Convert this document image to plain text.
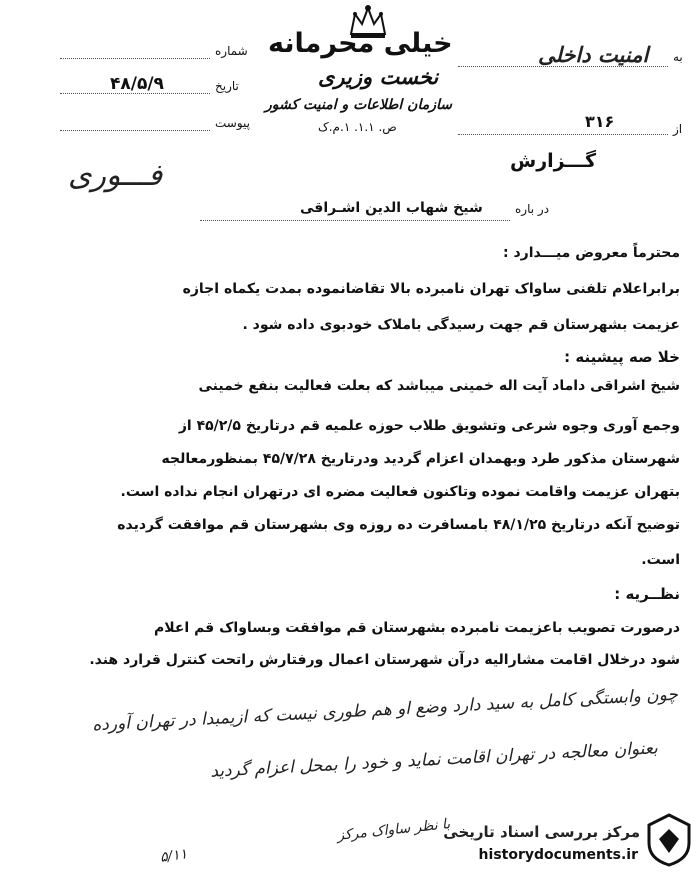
خیلی محرمانه
نخست وزیری
سازمان اطلاعات و امنیت کشور
ص. ۱.۱. ۱.م.ک
شماره
تاریخ
۴۸/۵/۹
پیوست
به
امنیت داخلی
از
۳۱۶
گـــزارش
فـــوری
در باره
شیخ شهاب الدین اشـراقی
محترماً معروض میـــدارد :
برابراعلام تلفنی ساواک تهران نامبرده بالا تقاضانموده بمدت یکماه اجازه
عزیمت بشهرستان قم جهت رسیدگی باملاک خودبوی داده شود .
خلا صه پیشینه :
شیخ اشراقی داماد آیت اله خمینی میباشد که بعلت فعالیت بنفع خمینی
وجمع آوری وجوه شرعی وتشویق طلاب حوزه علمیه قم درتاریخ ۴۵/۲/۵ از
شهرستان مذکور طرد وبهمدان اعزام گردید ودرتاریخ ۴۵/۷/۲۸ بمنظورمعالجه
بتهران عزیمت واقامت نموده وتاکنون فعالیت مضره ای درتهران انجام نداده است.
توضیح آنکه درتاریخ ۴۸/۱/۲۵ بامسافرت ده روزه وی بشهرستان قم موافقت گردیده
است.
نظــریه :
درصورت تصویب باعزیمت نامبرده بشهرستان قم موافقت وبساواک قم اعلام
شود درخلال اقامت مشارالیه درآن شهرستان اعمال ورفتارش راتحت کنترل قرارد هند.
چون وابستگی کامل به سید دارد وضع او هم طوری نیست که ازیمبدا در تهران آورده
بعنوان معالجه در تهران اقامت نماید و خود را بمحل اعزام گردید
با نظر ساواک مرکز
۵/۱۱
مرکز بررسی اسناد تاریخی
historydocuments.ir
